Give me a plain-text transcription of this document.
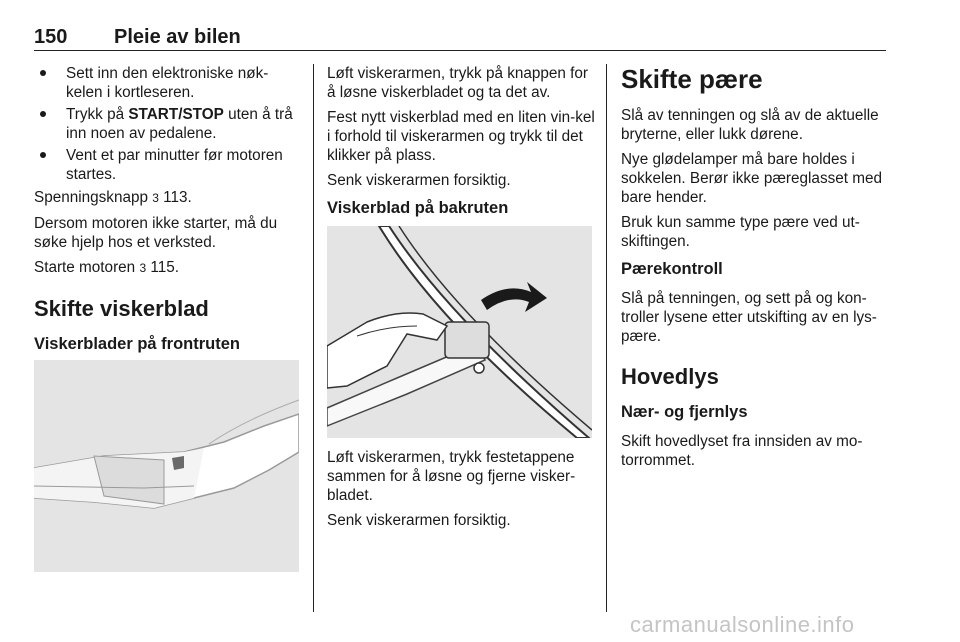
150 Pleie av bilen
Sett inn den elektroniske nøk-kelen i kortleseren.
Trykk på START/STOP uten å trå inn noen av pedalene.
Vent et par minutter før motoren startes.

Spenningsknapp 3 113.

Dersom motoren ikke starter, må du søke hjelp hos et verksted.

Starte motoren 3 115.

Skifte viskerblad
Viskerblader på frontruten

Løft viskerarmen, trykk på knappen for å løsne viskerbladet og ta det av.

Fest nytt viskerblad med en liten vin-kel i forhold til viskerarmen og trykk til det klikker på plass.

Senk viskerarmen forsiktig.

Viskerblad på bakruten

Løft viskerarmen, trykk festetappene sammen for å løsne og fjerne visker-bladet.

Senk viskerarmen forsiktig.

Skifte pære

Slå av tenningen og slå av de aktuelle bryterne, eller lukk dørene.

Nye glødelamper må bare holdes i sokkelen. Berør ikke pæreglasset med bare hender.

Bruk kun samme type pære ved ut-skiftingen.

Pærekontroll

Slå på tenningen, og sett på og kon-troller lysene etter utskifting av en lys-pære.

Hovedlys
Nær- og fjernlys

Skift hovedlyset fra innsiden av mo-torrommet.

carmanualsonline.info
